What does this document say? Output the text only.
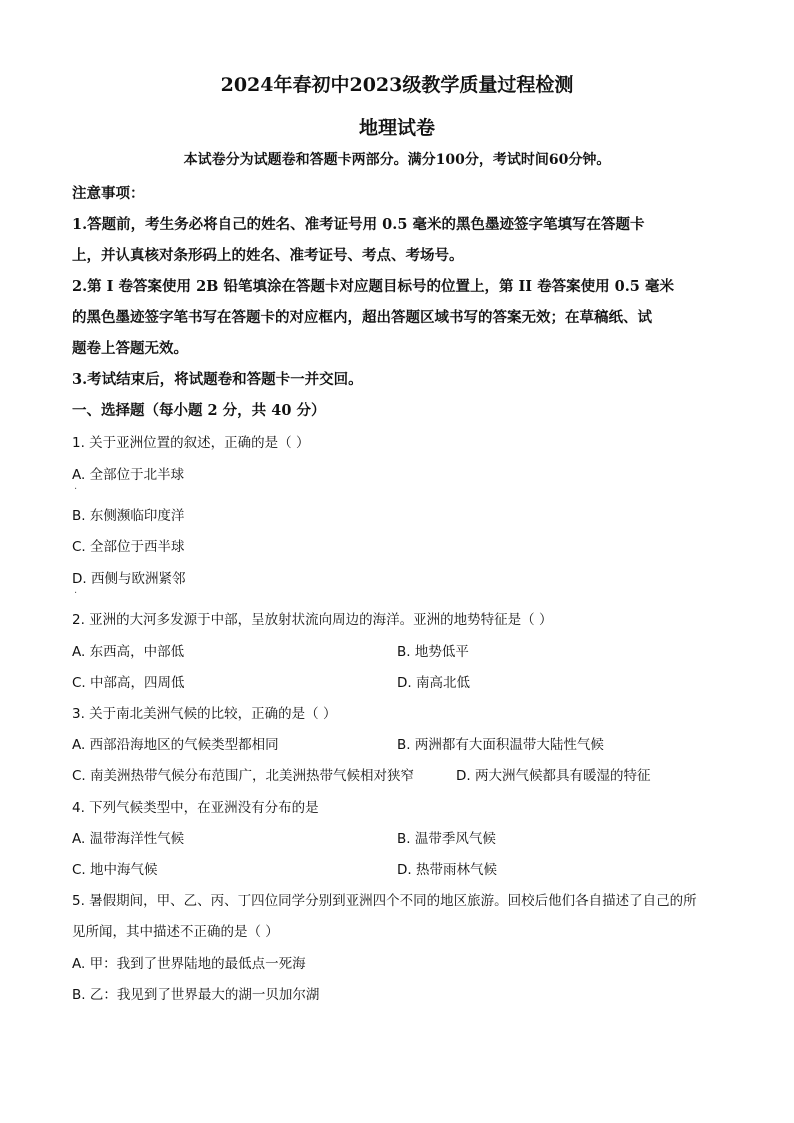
2024年春初中2023级教学质量过程检测
地理试卷
本试卷分为试题卷和答题卡两部分。满分100分，考试时间60分钟。
注意事项：
1.答题前，考生务必将自己的姓名、准考证号用 0.5 毫米的黑色墨迹签字笔填写在答题卡
上，并认真核对条形码上的姓名、准考证号、考点、考场号。
2.第 I 卷答案使用 2B 铅笔填涂在答题卡对应题目标号的位置上，第 II 卷答案使用 0.5 毫米
的黑色墨迹签字笔书写在答题卡的对应框内，超出答题区域书写的答案无效；在草稿纸、试
题卷上答题无效。
3.考试结束后，将试题卷和答题卡一并交回。
一、选择题（每小题 2 分，共 40 分）
1. 关于亚洲位置的叙述，正确的是（ ）
A. 全部位于北半球
.
B. 东侧濒临印度洋
C. 全部位于西半球
D. 西侧与欧洲紧邻
.
2. 亚洲的大河多发源于中部，呈放射状流向周边的海洋。亚洲的地势特征是（ ）
A. 东西高，中部低	B. 地势低平
C. 中部高，四周低	D. 南高北低
3. 关于南北美洲气候的比较，正确的是（ ）
A. 西部沿海地区的气候类型都相同	B. 两洲都有大面积温带大陆性气候
C. 南美洲热带气候分布范围广，北美洲热带气候相对狭窄	D. 两大洲气候都具有暖湿的特征
4. 下列气候类型中，在亚洲没有分布的是
A. 温带海洋性气候	B. 温带季风气候
C. 地中海气候	D. 热带雨林气候
5. 暑假期间，甲、乙、丙、丁四位同学分别到亚洲四个不同的地区旅游。回校后他们各自描述了自己的所
见所闻，其中描述不正确的是（ ）
A. 甲：我到了世界陆地的最低点一死海
B. 乙：我见到了世界最大的湖一贝加尔湖
